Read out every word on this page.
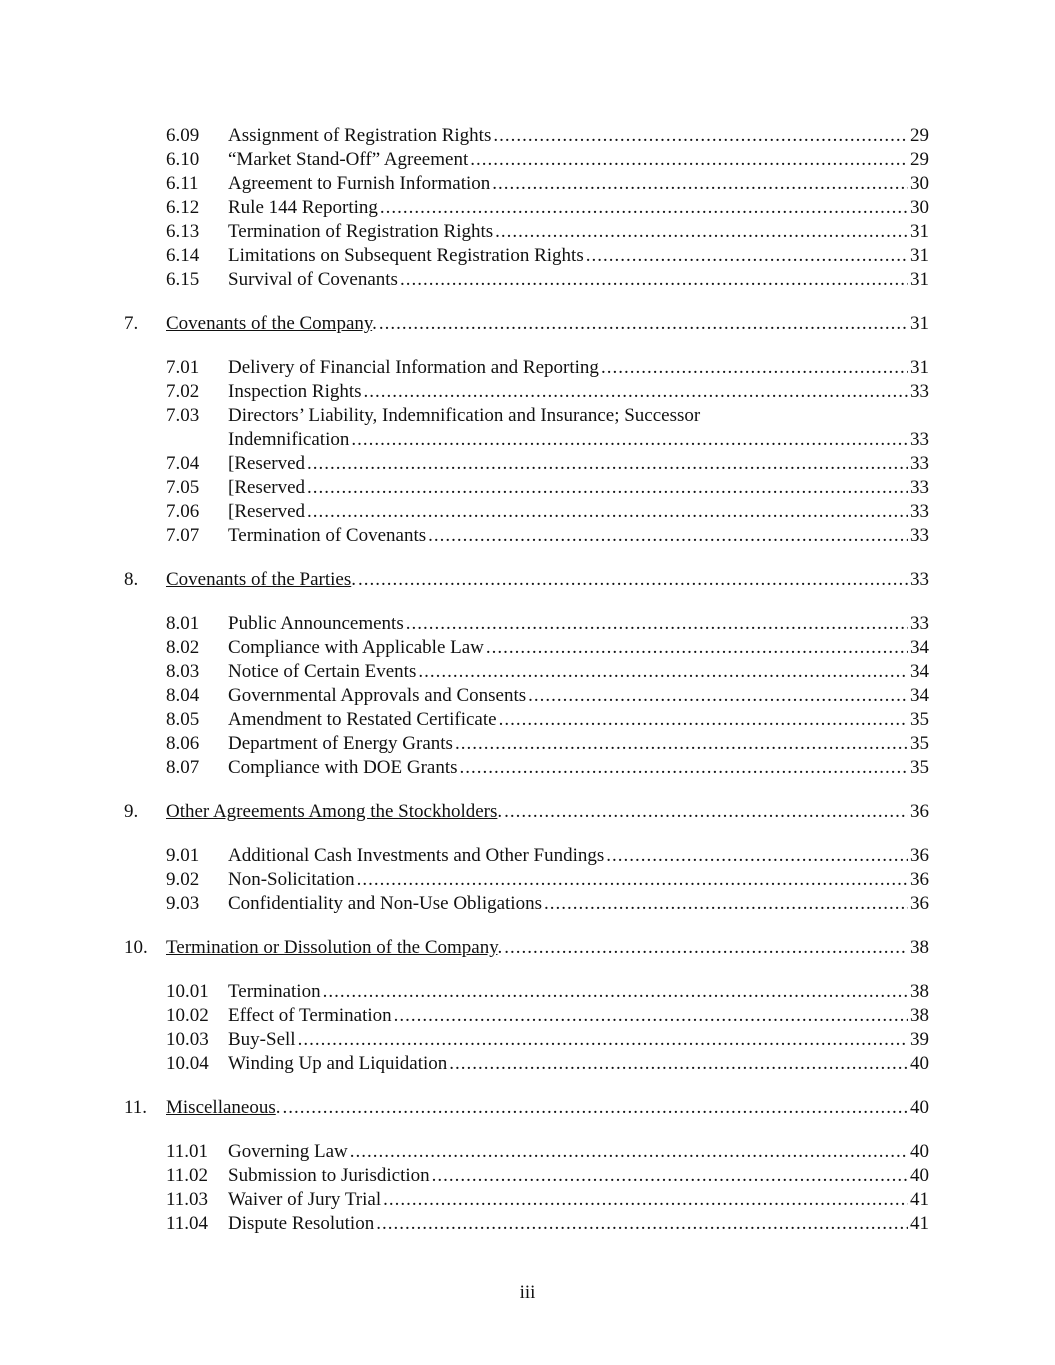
6.09	Assignment of Registration Rights .....	29
6.10	“Market Stand-Off” Agreement .....	29
6.11	Agreement to Furnish Information .....	30
6.12	Rule 144 Reporting .....	30
6.13	Termination of Registration Rights .....	31
6.14	Limitations on Subsequent Registration Rights .....	31
6.15	Survival of Covenants .....	31
7.	Covenants of the Company. .....	31
7.01	Delivery of Financial Information and Reporting .....	31
7.02	Inspection Rights .....	33
7.03	Directors’ Liability, Indemnification and Insurance; Successor
Indemnification .....	33
7.04	[Reserved .....	33
7.05	[Reserved .....	33
7.06	[Reserved .....	33
7.07	Termination of Covenants .....	33
8.	Covenants of the Parties. .....	33
8.01	Public Announcements .....	33
8.02	Compliance with Applicable Law .....	34
8.03	Notice of Certain Events .....	34
8.04	Governmental Approvals and Consents .....	34
8.05	Amendment to Restated Certificate .....	35
8.06	Department of Energy Grants .....	35
8.07	Compliance with DOE Grants .....	35
9.	Other Agreements Among the Stockholders. .....	36
9.01	Additional Cash Investments and Other Fundings .....	36
9.02	Non-Solicitation .....	36
9.03	Confidentiality and Non-Use Obligations .....	36
10. Termination or Dissolution of the Company. .....	38
10.01	Termination .....	38
10.02	Effect of Termination .....	38
10.03	Buy-Sell .....	39
10.04	Winding Up and Liquidation .....	40
11. Miscellaneous. .....	40
11.01	Governing Law .....	40
11.02	Submission to Jurisdiction .....	40
11.03	Waiver of Jury Trial .....	41
11.04	Dispute Resolution .....	41
iii
